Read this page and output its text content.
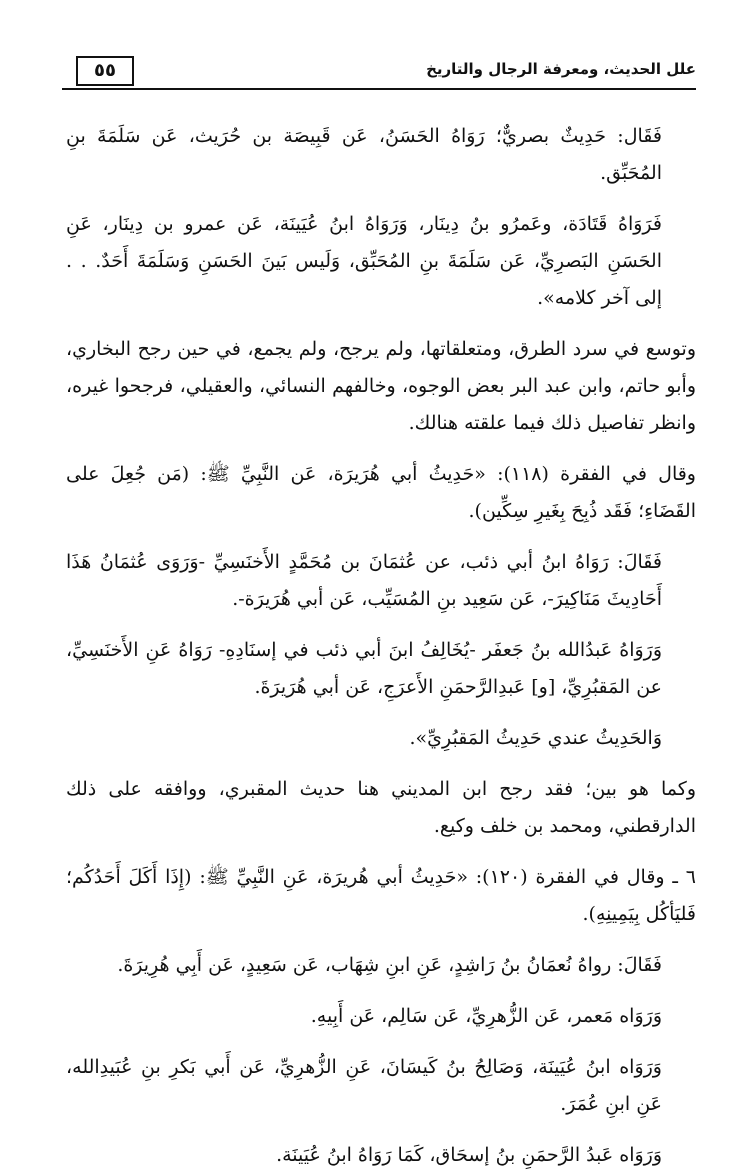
٥٥	علل الحديث، ومعرفة الرجال والتاريخ

فَقَال: حَدِيثٌ بصريٌّ؛ رَوَاهُ الحَسَنُ، عَن قَبِيصَة بن حُرَيث، عَن سَلَمَةَ بنِ المُحَبِّق.

فَرَوَاهُ قَتَادَة، وعَمرُو بنُ دِينَار، وَرَوَاهُ ابنُ عُيَينَة، عَن عمرو بن دِينَار، عَنِ الحَسَنِ البَصرِيِّ، عَن سَلَمَةَ بنِ المُحَبِّق، وَلَيس بَينَ الحَسَنِ وَسَلَمَةَ أَحَدٌ. . . إلى آخر كلامه».

وتوسع في سرد الطرق، ومتعلقاتها، ولم يرجح، ولم يجمع، في حين رجح البخاري، وأبو حاتم، وابن عبد البر بعض الوجوه، وخالفهم النسائي، والعقيلي، فرجحوا غيره، وانظر تفاصيل ذلك فيما علقته هنالك.

وقال في الفقرة (١١٨): «حَدِيثُ أبي هُرَيرَة، عَن النَّبِيِّ ﷺ: (مَن جُعِلَ على القَضَاءِ؛ فَقَد ذُبِحَ بِغَيرِ سِكِّين).

فَقَالَ: رَوَاهُ ابنُ أبي ذئب، عن عُثمَانَ بن مُحَمَّدٍ الأَخنَسِيِّ -وَرَوَى عُثمَانُ هَذَا أَحَادِيثَ مَنَاكِيرَ-، عَن سَعِيد بنِ المُسَيِّب، عَن أبي هُرَيرَة-.

وَرَوَاهُ عَبدُالله بنُ جَعفَر -يُخَالِفُ ابنَ أبي ذئب في إسنَادِهِ- رَوَاهُ عَنِ الأَخنَسِيِّ، عن المَقبُرِيِّ، [و] عَبدِالرَّحمَنِ الأَعرَجِ، عَن أبي هُرَيرَةَ.

وَالحَدِيثُ عندي حَدِيثُ المَقبُرِيِّ».

وكما هو بين؛ فقد رجح ابن المديني هنا حديث المقبري، ووافقه على ذلك الدارقطني، ومحمد بن خلف وكيع.

٦ ـ وقال في الفقرة (١٢٠): «حَدِيثُ أبي هُريرَة، عَنِ النَّبِيِّ ﷺ: (إِذَا أَكَلَ أَحَدُكُم؛ فَليَأكُل بِيَمِينِهِ).

فَقَالَ: رواهُ نُعمَانُ بنُ رَاشِدٍ، عَنِ ابنِ شِهَاب، عَن سَعِيدٍ، عَن أَبِي هُرِيرَةَ.

وَرَوَاه مَعمر، عَن الزُّهرِيِّ، عَن سَالِم، عَن أَبِيهِ.

وَرَوَاه ابنُ عُيَينَة، وَصَالِحُ بنُ كَيسَانَ، عَنِ الزُّهرِيِّ، عَن أَبي بَكرِ بنِ عُبَيدِالله، عَنِ ابنِ عُمَرَ.

وَرَوَاه عَبدُ الرَّحمَنِ بنُ إسحَاق، كَمَا رَوَاهُ ابنُ عُيَينَة.
